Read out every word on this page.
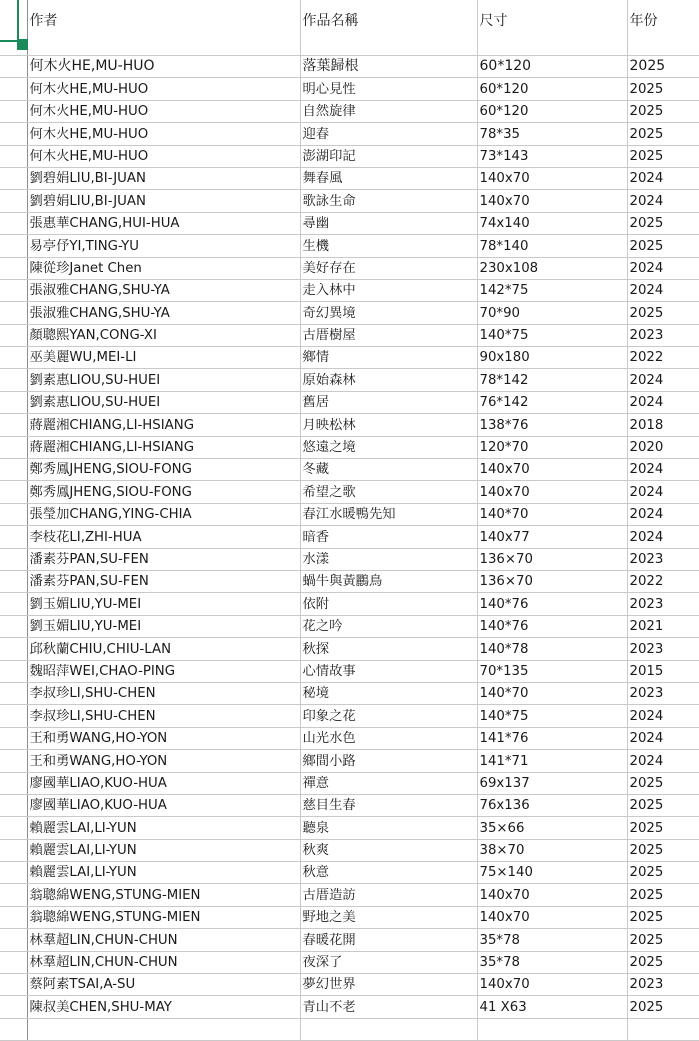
	作者	作品名稱	尺寸	年份
	何木火HE,MU-HUO	落葉歸根	60*120	2025
	何木火HE,MU-HUO	明心見性	60*120	2025
	何木火HE,MU-HUO	自然旋律	60*120	2025
	何木火HE,MU-HUO	迎春	78*35	2025
	何木火HE,MU-HUO	澎湖印記	73*143	2025
	劉碧娟LIU,BI-JUAN	舞春風	140x70	2024
	劉碧娟LIU,BI-JUAN	歌詠生命	140x70	2024
	張惠華CHANG,HUI-HUA	尋幽	74x140	2025
	易亭伃YI,TING-YU	生機	78*140	2025
	陳從珍Janet Chen	美好存在	230x108	2024
	張淑雅CHANG,SHU-YA	走入林中	142*75	2024
	張淑雅CHANG,SHU-YA	奇幻異境	70*90	2025
	顏聰熙YAN,CONG-XI	古厝樹屋	140*75	2023
	巫美麗WU,MEI-LI	鄉情	90x180	2022
	劉素惠LIOU,SU-HUEI	原始森林	78*142	2024
	劉素惠LIOU,SU-HUEI	舊居	76*142	2024
	蔣麗湘CHIANG,LI-HSIANG	月映松林	138*76	2018
	蔣麗湘CHIANG,LI-HSIANG	悠遠之境	120*70	2020
	鄭秀鳳JHENG,SIOU-FONG	冬藏	140x70	2024
	鄭秀鳳JHENG,SIOU-FONG	希望之歌	140x70	2024
	張瑩加CHANG,YING-CHIA	春江水暖鴨先知	140*70	2024
	李枝花LI,ZHI-HUA	暗香	140x77	2024
	潘素芬PAN,SU-FEN	水漾	136×70	2023
	潘素芬PAN,SU-FEN	蝸牛與黃鸝鳥	136×70	2022
	劉玉媚LIU,YU-MEI	依附	140*76	2023
	劉玉媚LIU,YU-MEI	花之吟	140*76	2021
	邱秋蘭CHIU,CHIU-LAN	秋探	140*78	2023
	魏昭萍WEI,CHAO-PING	心情故事	70*135	2015
	李叔珍LI,SHU-CHEN	秘境	140*70	2023
	李叔珍LI,SHU-CHEN	印象之花	140*75	2024
	王和勇WANG,HO-YON	山光水色	141*76	2024
	王和勇WANG,HO-YON	鄉間小路	141*71	2024
	廖國華LIAO,KUO-HUA	禪意	69x137	2025
	廖國華LIAO,KUO-HUA	慈目生春	76x136	2025
	賴麗雲LAI,LI-YUN	聽泉	35×66	2025
	賴麗雲LAI,LI-YUN	秋爽	38×70	2025
	賴麗雲LAI,LI-YUN	秋意	75×140	2025
	翁聰綿WENG,STUNG-MIEN	古厝造訪	140x70	2025
	翁聰綿WENG,STUNG-MIEN	野地之美	140x70	2025
	林羣超LIN,CHUN-CHUN	春暖花開	35*78	2025
	林羣超LIN,CHUN-CHUN	夜深了	35*78	2025
	蔡阿素TSAI,A-SU	夢幻世界	140x70	2023
	陳叔美CHEN,SHU-MAY	青山不老	41 X63	2025
